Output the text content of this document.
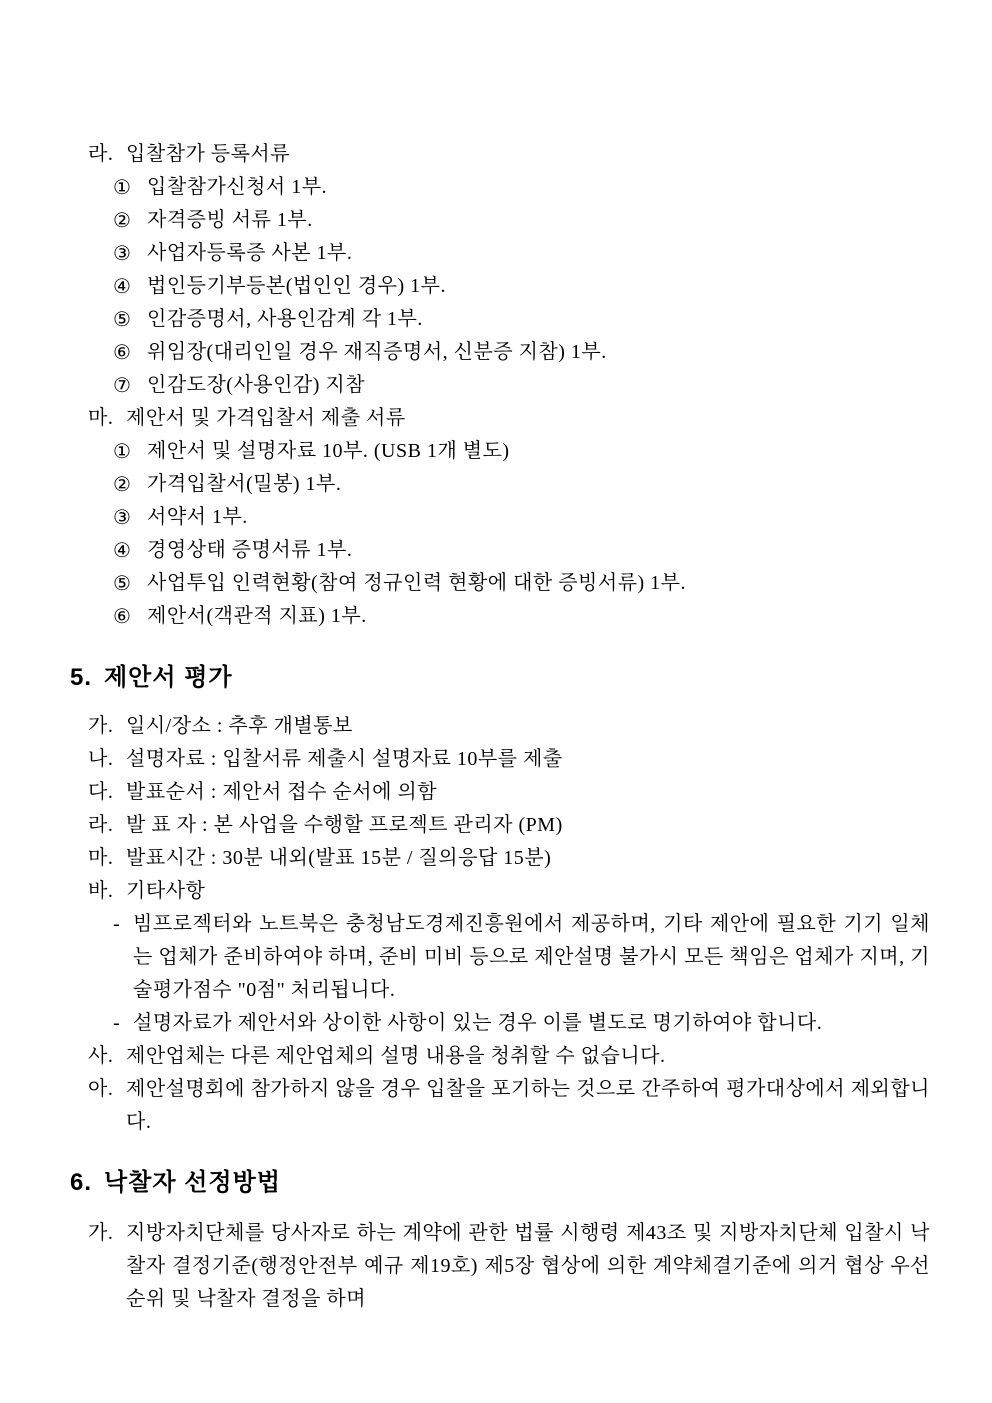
라. 입찰참가 등록서류
① 입찰참가신청서 1부.
② 자격증빙 서류 1부.
③ 사업자등록증 사본 1부.
④ 법인등기부등본(법인인 경우) 1부.
⑤ 인감증명서, 사용인감계 각 1부.
⑥ 위임장(대리인일 경우 재직증명서, 신분증 지참) 1부.
⑦ 인감도장(사용인감) 지참
마. 제안서 및 가격입찰서 제출 서류
① 제안서 및 설명자료 10부. (USB 1개 별도)
② 가격입찰서(밀봉) 1부.
③ 서약서 1부.
④ 경영상태 증명서류 1부.
⑤ 사업투입 인력현황(참여 정규인력 현황에 대한 증빙서류) 1부.
⑥ 제안서(객관적 지표) 1부.
5. 제안서 평가
가. 일시/장소 : 추후 개별통보
나. 설명자료 : 입찰서류 제출시 설명자료 10부를 제출
다. 발표순서 : 제안서 접수 순서에 의함
라. 발 표 자 : 본 사업을 수행할 프로젝트 관리자 (PM)
마. 발표시간 : 30분 내외(발표 15분 / 질의응답 15분)
바. 기타사항
- 빔프로젝터와 노트북은 충청남도경제진흥원에서 제공하며, 기타 제안에 필요한 기기 일체는 업체가 준비하여야 하며, 준비 미비 등으로 제안설명 불가시 모든 책임은 업체가 지며, 기술평가점수 "0점" 처리됩니다.
- 설명자료가 제안서와 상이한 사항이 있는 경우 이를 별도로 명기하여야 합니다.
사. 제안업체는 다른 제안업체의 설명 내용을 청취할 수 없습니다.
아. 제안설명회에 참가하지 않을 경우 입찰을 포기하는 것으로 간주하여 평가대상에서 제외합니다.
6. 낙찰자 선정방법
가. 지방자치단체를 당사자로 하는 계약에 관한 법률 시행령 제43조 및 지방자치단체 입찰시 낙찰자 결정기준(행정안전부 예규 제19호) 제5장 협상에 의한 계약체결기준에 의거 협상 우선순위 및 낙찰자 결정을 하며
